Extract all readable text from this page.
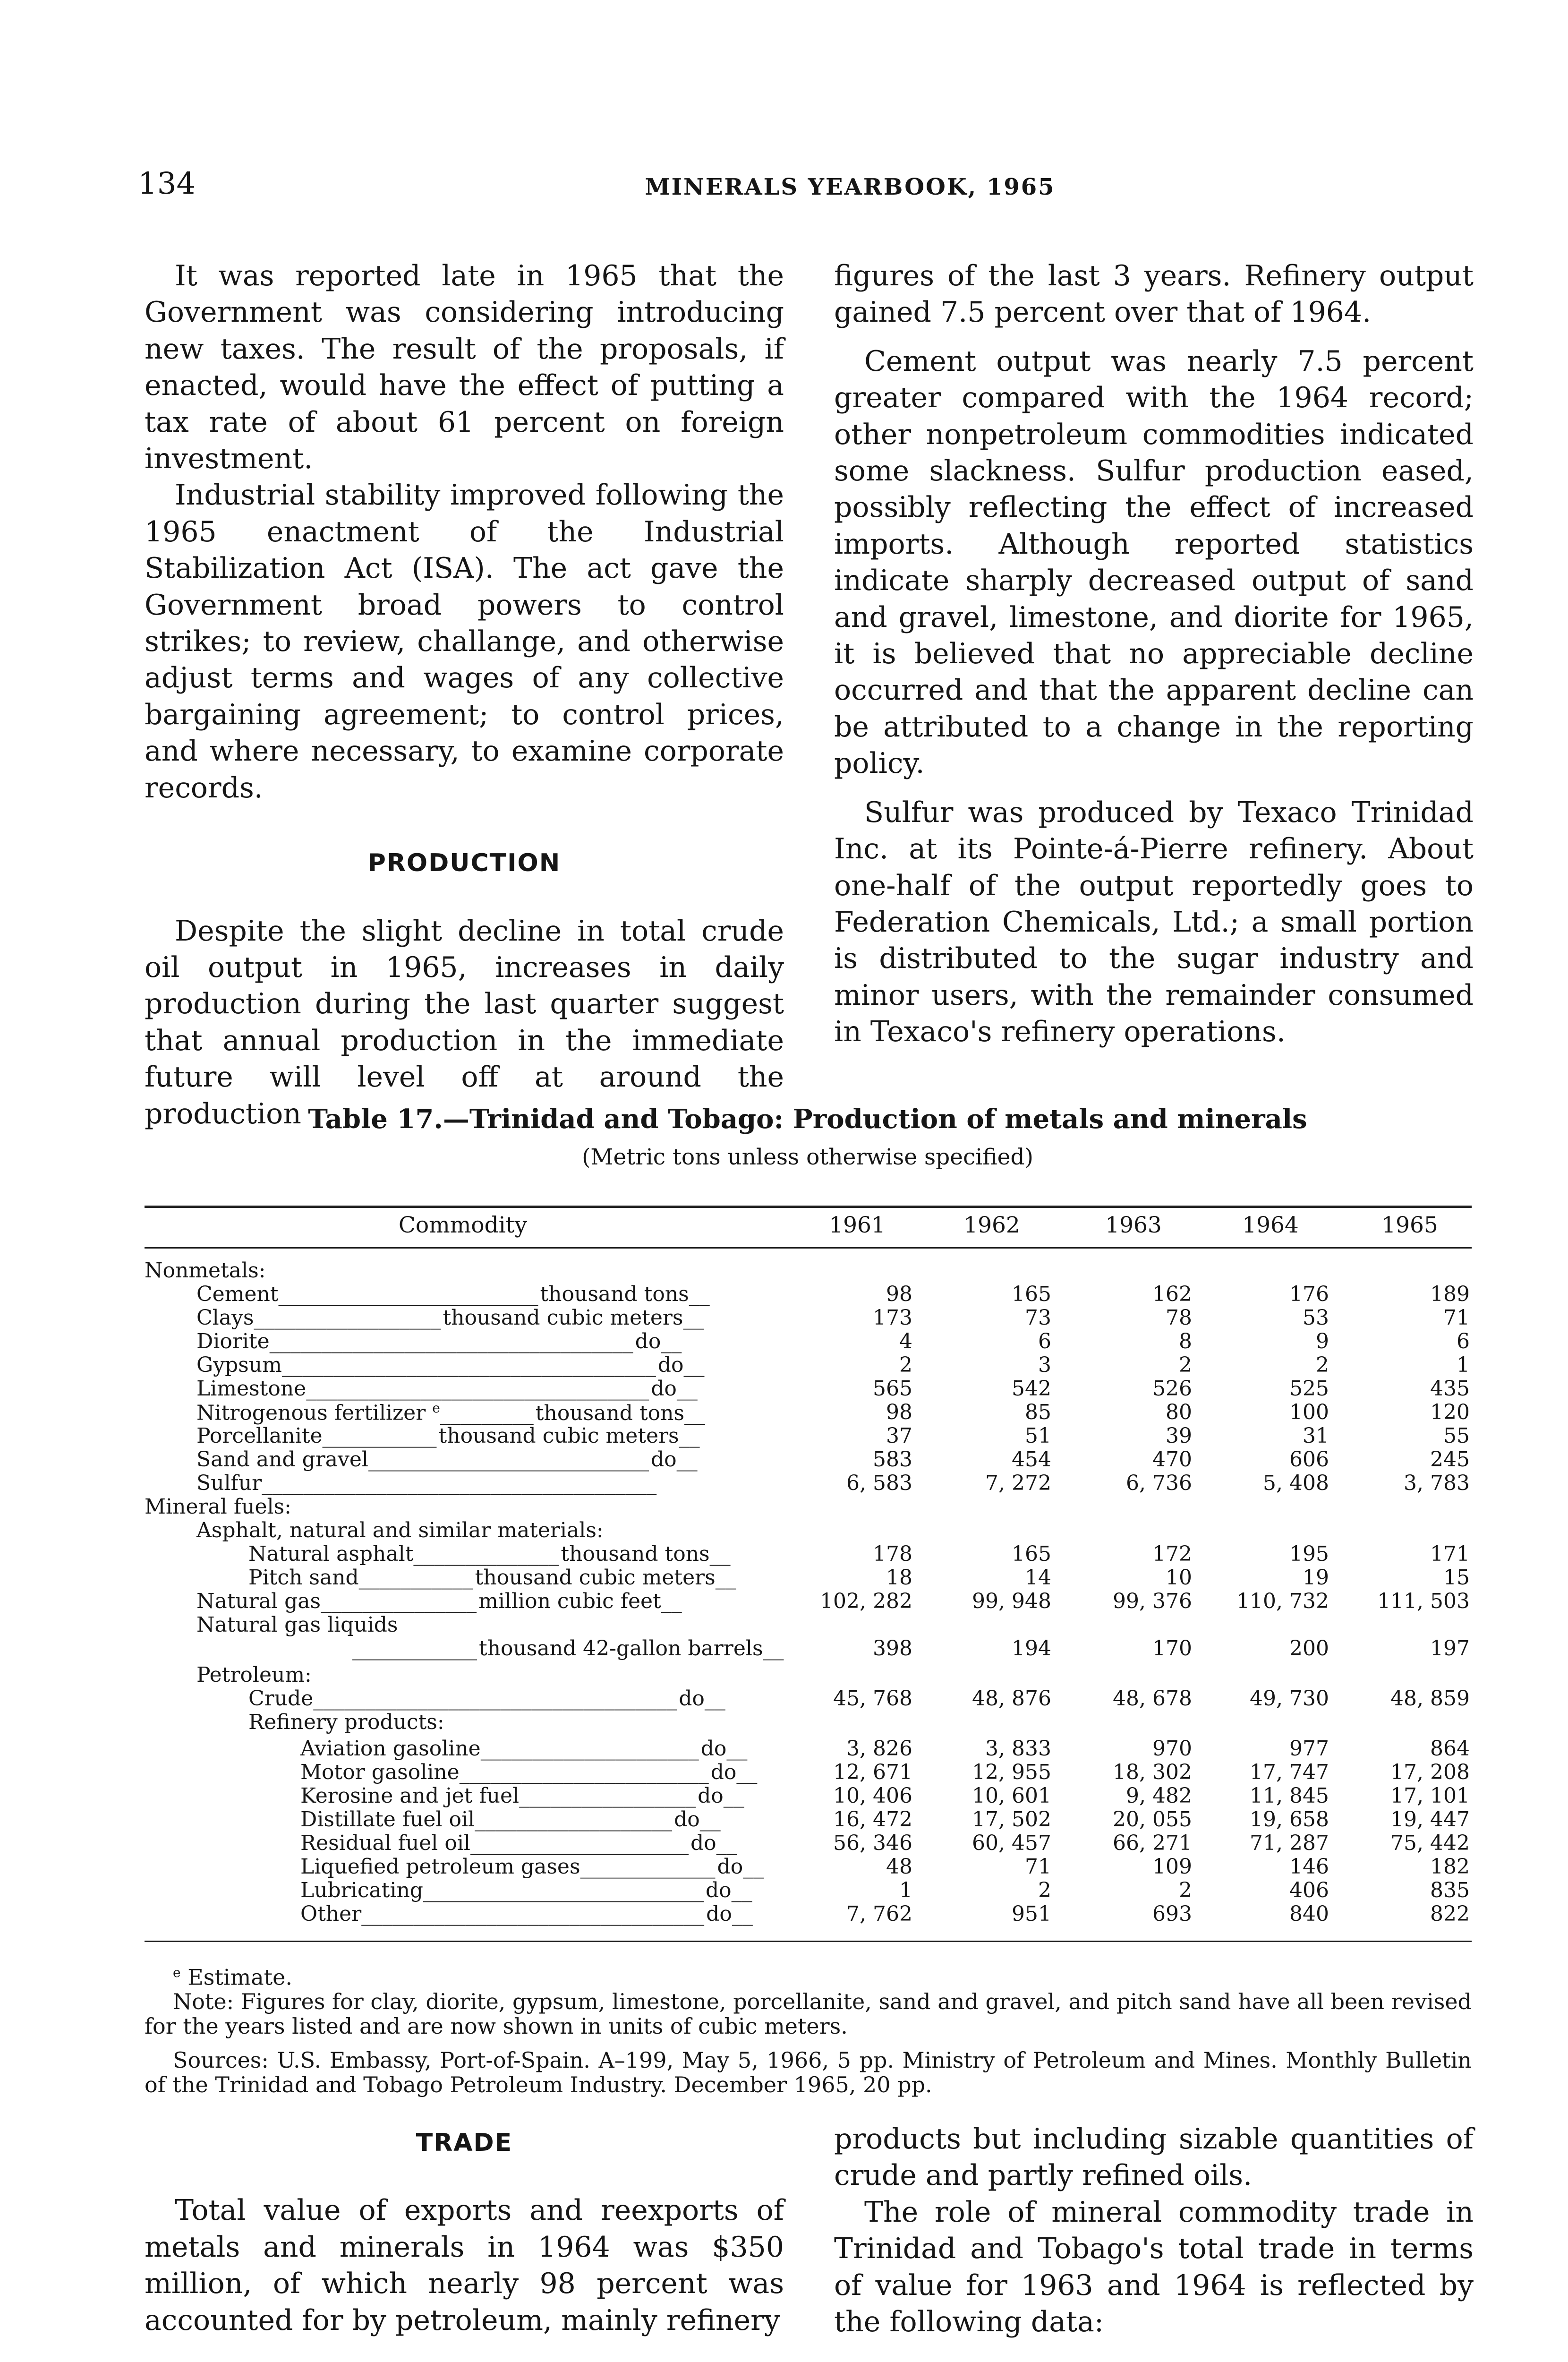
134	MINERALS YEARBOOK, 1965

It was reported late in 1965 that the Government was considering introducing new taxes. The result of the proposals, if enacted, would have the effect of putting a tax rate of about 61 percent on foreign investment.

Industrial stability improved following the 1965 enactment of the Industrial Stabilization Act (ISA). The act gave the Government broad powers to control strikes; to review, challange, and otherwise adjust terms and wages of any collective bargaining agreement; to control prices, and where necessary, to examine corporate records.

PRODUCTION

Despite the slight decline in total crude oil output in 1965, increases in daily production during the last quarter suggest that annual production in the immediate future will level off at around the production

figures of the last 3 years. Refinery output gained 7.5 percent over that of 1964.

Cement output was nearly 7.5 percent greater compared with the 1964 record; other nonpetroleum commodities indicated some slackness. Sulfur production eased, possibly reflecting the effect of increased imports. Although reported statistics indicate sharply decreased output of sand and gravel, limestone, and diorite for 1965, it is believed that no appreciable decline occurred and that the apparent decline can be attributed to a change in the reporting policy.

Sulfur was produced by Texaco Trinidad Inc. at its Pointe-á-Pierre refinery. About one-half of the output reportedly goes to Federation Chemicals, Ltd.; a small portion is distributed to the sugar industry and minor users, with the remainder consumed in Texaco's refinery operations.

Table 17.—Trinidad and Tobago: Production of metals and minerals
(Metric tons unless otherwise specified)
Commodity	1961	1962	1963	1964	1965
Nonmetals:
Cement_________________________thousand tons__	98	165	162	176	189
Clays__________________thousand cubic meters__	173	73	78	53	71
Diorite___________________________________do__	4	6	8	9	6
Gypsum____________________________________do__	2	3	2	2	1
Limestone_________________________________do__	565	542	526	525	435
Nitrogenous fertilizer $^e$_________thousand tons__	98	85	80	100	120
Porcellanite___________thousand cubic meters__	37	51	39	31	55
Sand and gravel___________________________do__	583	454	470	606	245
Sulfur______________________________________	6, 583	7, 272	6, 736	5, 408	3, 783
Mineral fuels:
Asphalt, natural and similar materials:
Natural asphalt______________thousand tons__	178	165	172	195	171
Pitch sand___________thousand cubic meters__	18	14	10	19	15
Natural gas_______________million cubic feet__	102, 282	99, 948	99, 376	110, 732	111, 503
Natural gas liquids
____________thousand 42-gallon barrels__	398	194	170	200	197
Petroleum:
Crude___________________________________do__	45, 768	48, 876	48, 678	49, 730	48, 859
Refinery products:
Aviation gasoline_____________________do__	3, 826	3, 833	970	977	864
Motor gasoline________________________do__	12, 671	12, 955	18, 302	17, 747	17, 208
Kerosine and jet fuel_________________do__	10, 406	10, 601	9, 482	11, 845	17, 101
Distillate fuel oil___________________do__	16, 472	17, 502	20, 055	19, 658	19, 447
Residual fuel oil_____________________do__	56, 346	60, 457	66, 271	71, 287	75, 442
Liquefied petroleum gases_____________do__	48	71	109	146	182
Lubricating___________________________do__	1	2	2	406	835
Other_________________________________do__	7, 762	951	693	840	822

$^e$ Estimate.

Note: Figures for clay, diorite, gypsum, limestone, porcellanite, sand and gravel, and pitch sand have all been revised for the years listed and are now shown in units of cubic meters.

Sources: U.S. Embassy, Port-of-Spain. A–199, May 5, 1966, 5 pp. Ministry of Petroleum and Mines. Monthly Bulletin of the Trinidad and Tobago Petroleum Industry. December 1965, 20 pp.

TRADE

Total value of exports and reexports of metals and minerals in 1964 was $350 million, of which nearly 98 percent was accounted for by petroleum, mainly refinery

products but including sizable quantities of crude and partly refined oils.

The role of mineral commodity trade in Trinidad and Tobago's total trade in terms of value for 1963 and 1964 is reflected by the following data:
